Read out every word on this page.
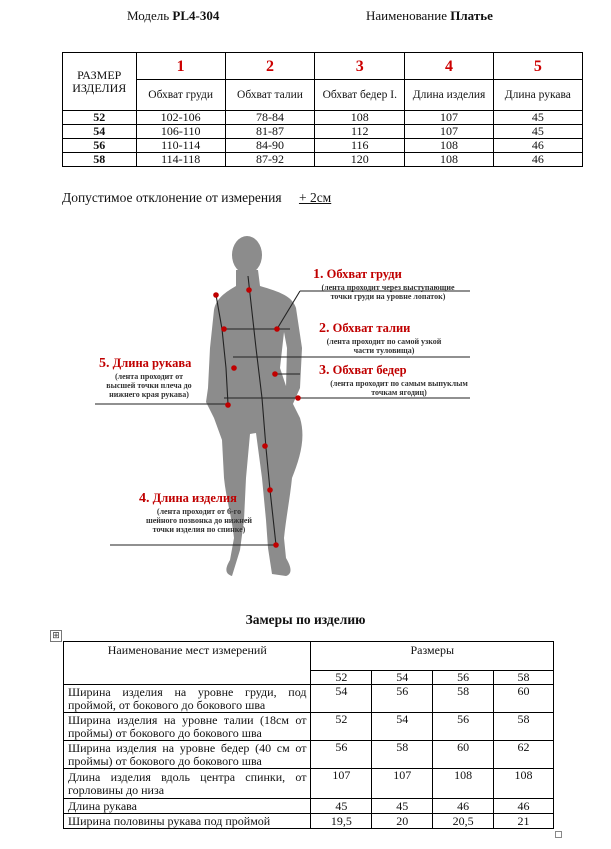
Модель PL4-304	Наименование Платье
РАЗМЕР ИЗДЕЛИЯ	1	2	3	4	5
	Обхват груди	Обхват талии	Обхват бедер I.	Длина изделия	Длина рукава
52	102-106	78-84	108	107	45
54	106-110	81-87	112	107	45
56	110-114	84-90	116	108	46
58	114-118	87-92	120	108	46
Допустимое отклонение от измерения + 2см
1. Обхват груди
(лента проходит через выступающие
точки груди на уровне лопаток)
2. Обхват талии
(лента проходит по самой узкой
части туловища)
3. Обхват бедер
(лента проходит по самым выпуклым
точкам ягодиц)
5. Длина рукава
(лента проходит от
высшей точки плеча до
нижнего края рукава)
4. Длина изделия
(лента проходит от 6-го
шейного позвонка до нижней
точки изделия по спинке)
Замеры по изделию
⊞
Наименование мест измерений	Размеры			
	52	54	56	58
Ширина изделия на уровне груди, под проймой, от бокового до бокового шва	54	56	58	60
Ширина изделия на уровне талии (18см от проймы) от бокового до бокового шва	52	54	56	58
Ширина изделия на уровне бедер (40 см от проймы) от бокового до бокового шва	56	58	60	62
Длина изделия вдоль центра спинки, от горловины до низа	107	107	108	108
Длина рукава	45	45	46	46
Ширина половины рукава под проймой	19,5	20	20,5	21
